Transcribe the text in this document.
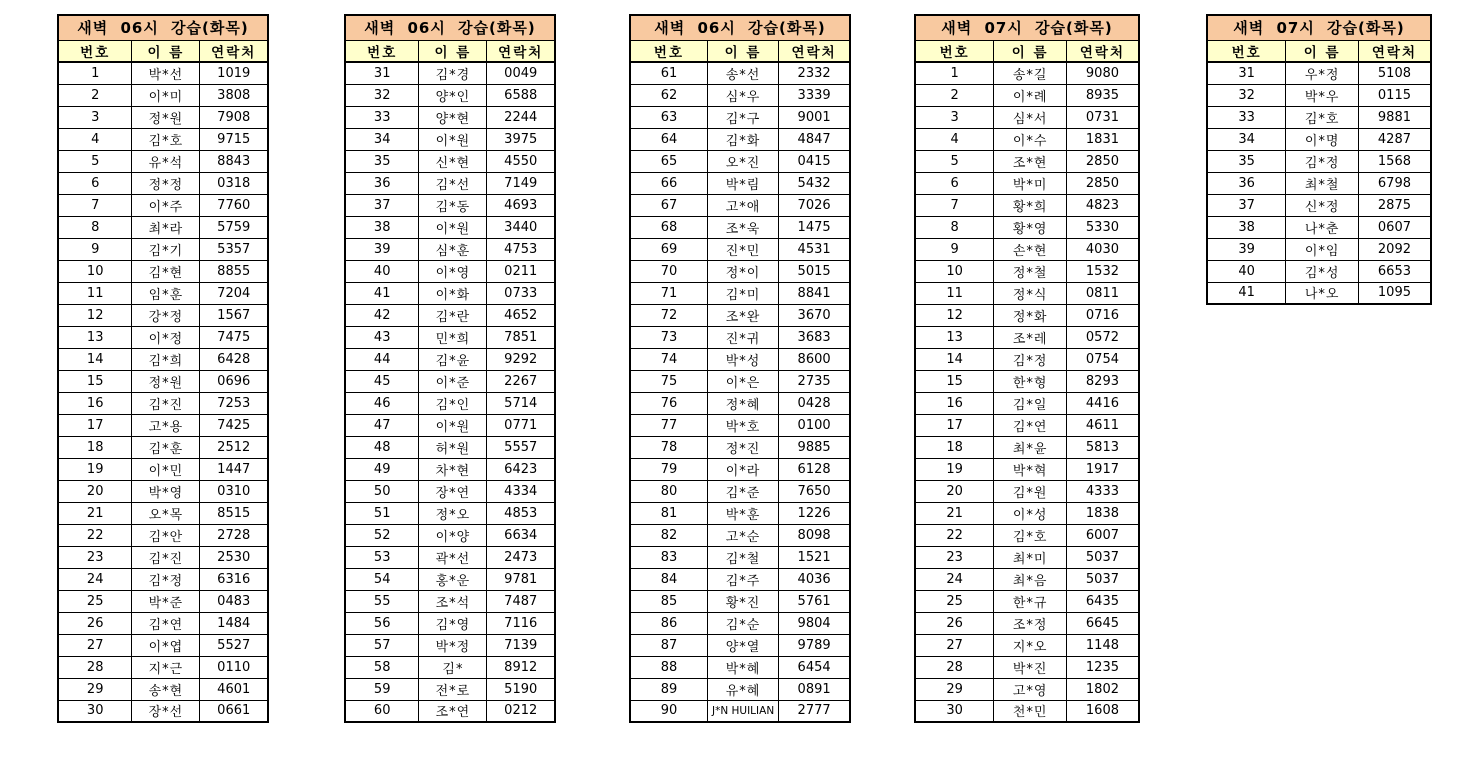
새벽 06시 강습(화목)		
번호	이 름	연락처
1	박*선	1019
2	이*미	3808
3	정*원	7908
4	김*호	9715
5	유*석	8843
6	정*정	0318
7	이*주	7760
8	최*라	5759
9	김*기	5357
10	김*현	8855
11	임*훈	7204
12	강*정	1567
13	이*정	7475
14	김*희	6428
15	정*원	0696
16	김*진	7253
17	고*용	7425
18	김*훈	2512
19	이*민	1447
20	박*영	0310
21	오*목	8515
22	김*안	2728
23	김*진	2530
24	김*정	6316
25	박*준	0483
26	김*연	1484
27	이*엽	5527
28	지*근	0110
29	송*현	4601
30	장*선	0661
새벽 06시 강습(화목)		
번호	이 름	연락처
31	김*경	0049
32	양*인	6588
33	양*현	2244
34	이*원	3975
35	신*현	4550
36	김*선	7149
37	김*동	4693
38	이*원	3440
39	심*훈	4753
40	이*영	0211
41	이*화	0733
42	김*란	4652
43	민*희	7851
44	김*윤	9292
45	이*준	2267
46	김*인	5714
47	이*원	0771
48	허*원	5557
49	차*현	6423
50	장*연	4334
51	정*오	4853
52	이*양	6634
53	곽*선	2473
54	홍*운	9781
55	조*석	7487
56	김*영	7116
57	박*정	7139
58	김*	8912
59	전*로	5190
60	조*연	0212
새벽 06시 강습(화목)		
번호	이 름	연락처
61	송*선	2332
62	심*우	3339
63	김*구	9001
64	김*화	4847
65	오*진	0415
66	박*림	5432
67	고*애	7026
68	조*욱	1475
69	진*민	4531
70	정*이	5015
71	김*미	8841
72	조*완	3670
73	진*귀	3683
74	박*성	8600
75	이*은	2735
76	정*혜	0428
77	박*호	0100
78	정*진	9885
79	이*라	6128
80	김*준	7650
81	박*훈	1226
82	고*순	8098
83	김*철	1521
84	김*주	4036
85	황*진	5761
86	김*순	9804
87	양*열	9789
88	박*혜	6454
89	유*혜	0891
90	J*N HUILIAN	2777
새벽 07시 강습(화목)		
번호	이 름	연락처
1	송*길	9080
2	이*례	8935
3	심*서	0731
4	이*수	1831
5	조*현	2850
6	박*미	2850
7	황*희	4823
8	황*영	5330
9	손*현	4030
10	정*철	1532
11	정*식	0811
12	정*화	0716
13	조*레	0572
14	김*정	0754
15	한*형	8293
16	김*일	4416
17	김*연	4611
18	최*윤	5813
19	박*혁	1917
20	김*원	4333
21	이*성	1838
22	김*호	6007
23	최*미	5037
24	최*음	5037
25	한*규	6435
26	조*정	6645
27	지*오	1148
28	박*진	1235
29	고*영	1802
30	천*민	1608
새벽 07시 강습(화목)		
번호	이 름	연락처
31	우*정	5108
32	박*우	0115
33	김*호	9881
34	이*명	4287
35	김*정	1568
36	최*철	6798
37	신*정	2875
38	나*춘	0607
39	이*임	2092
40	김*성	6653
41	나*오	1095
